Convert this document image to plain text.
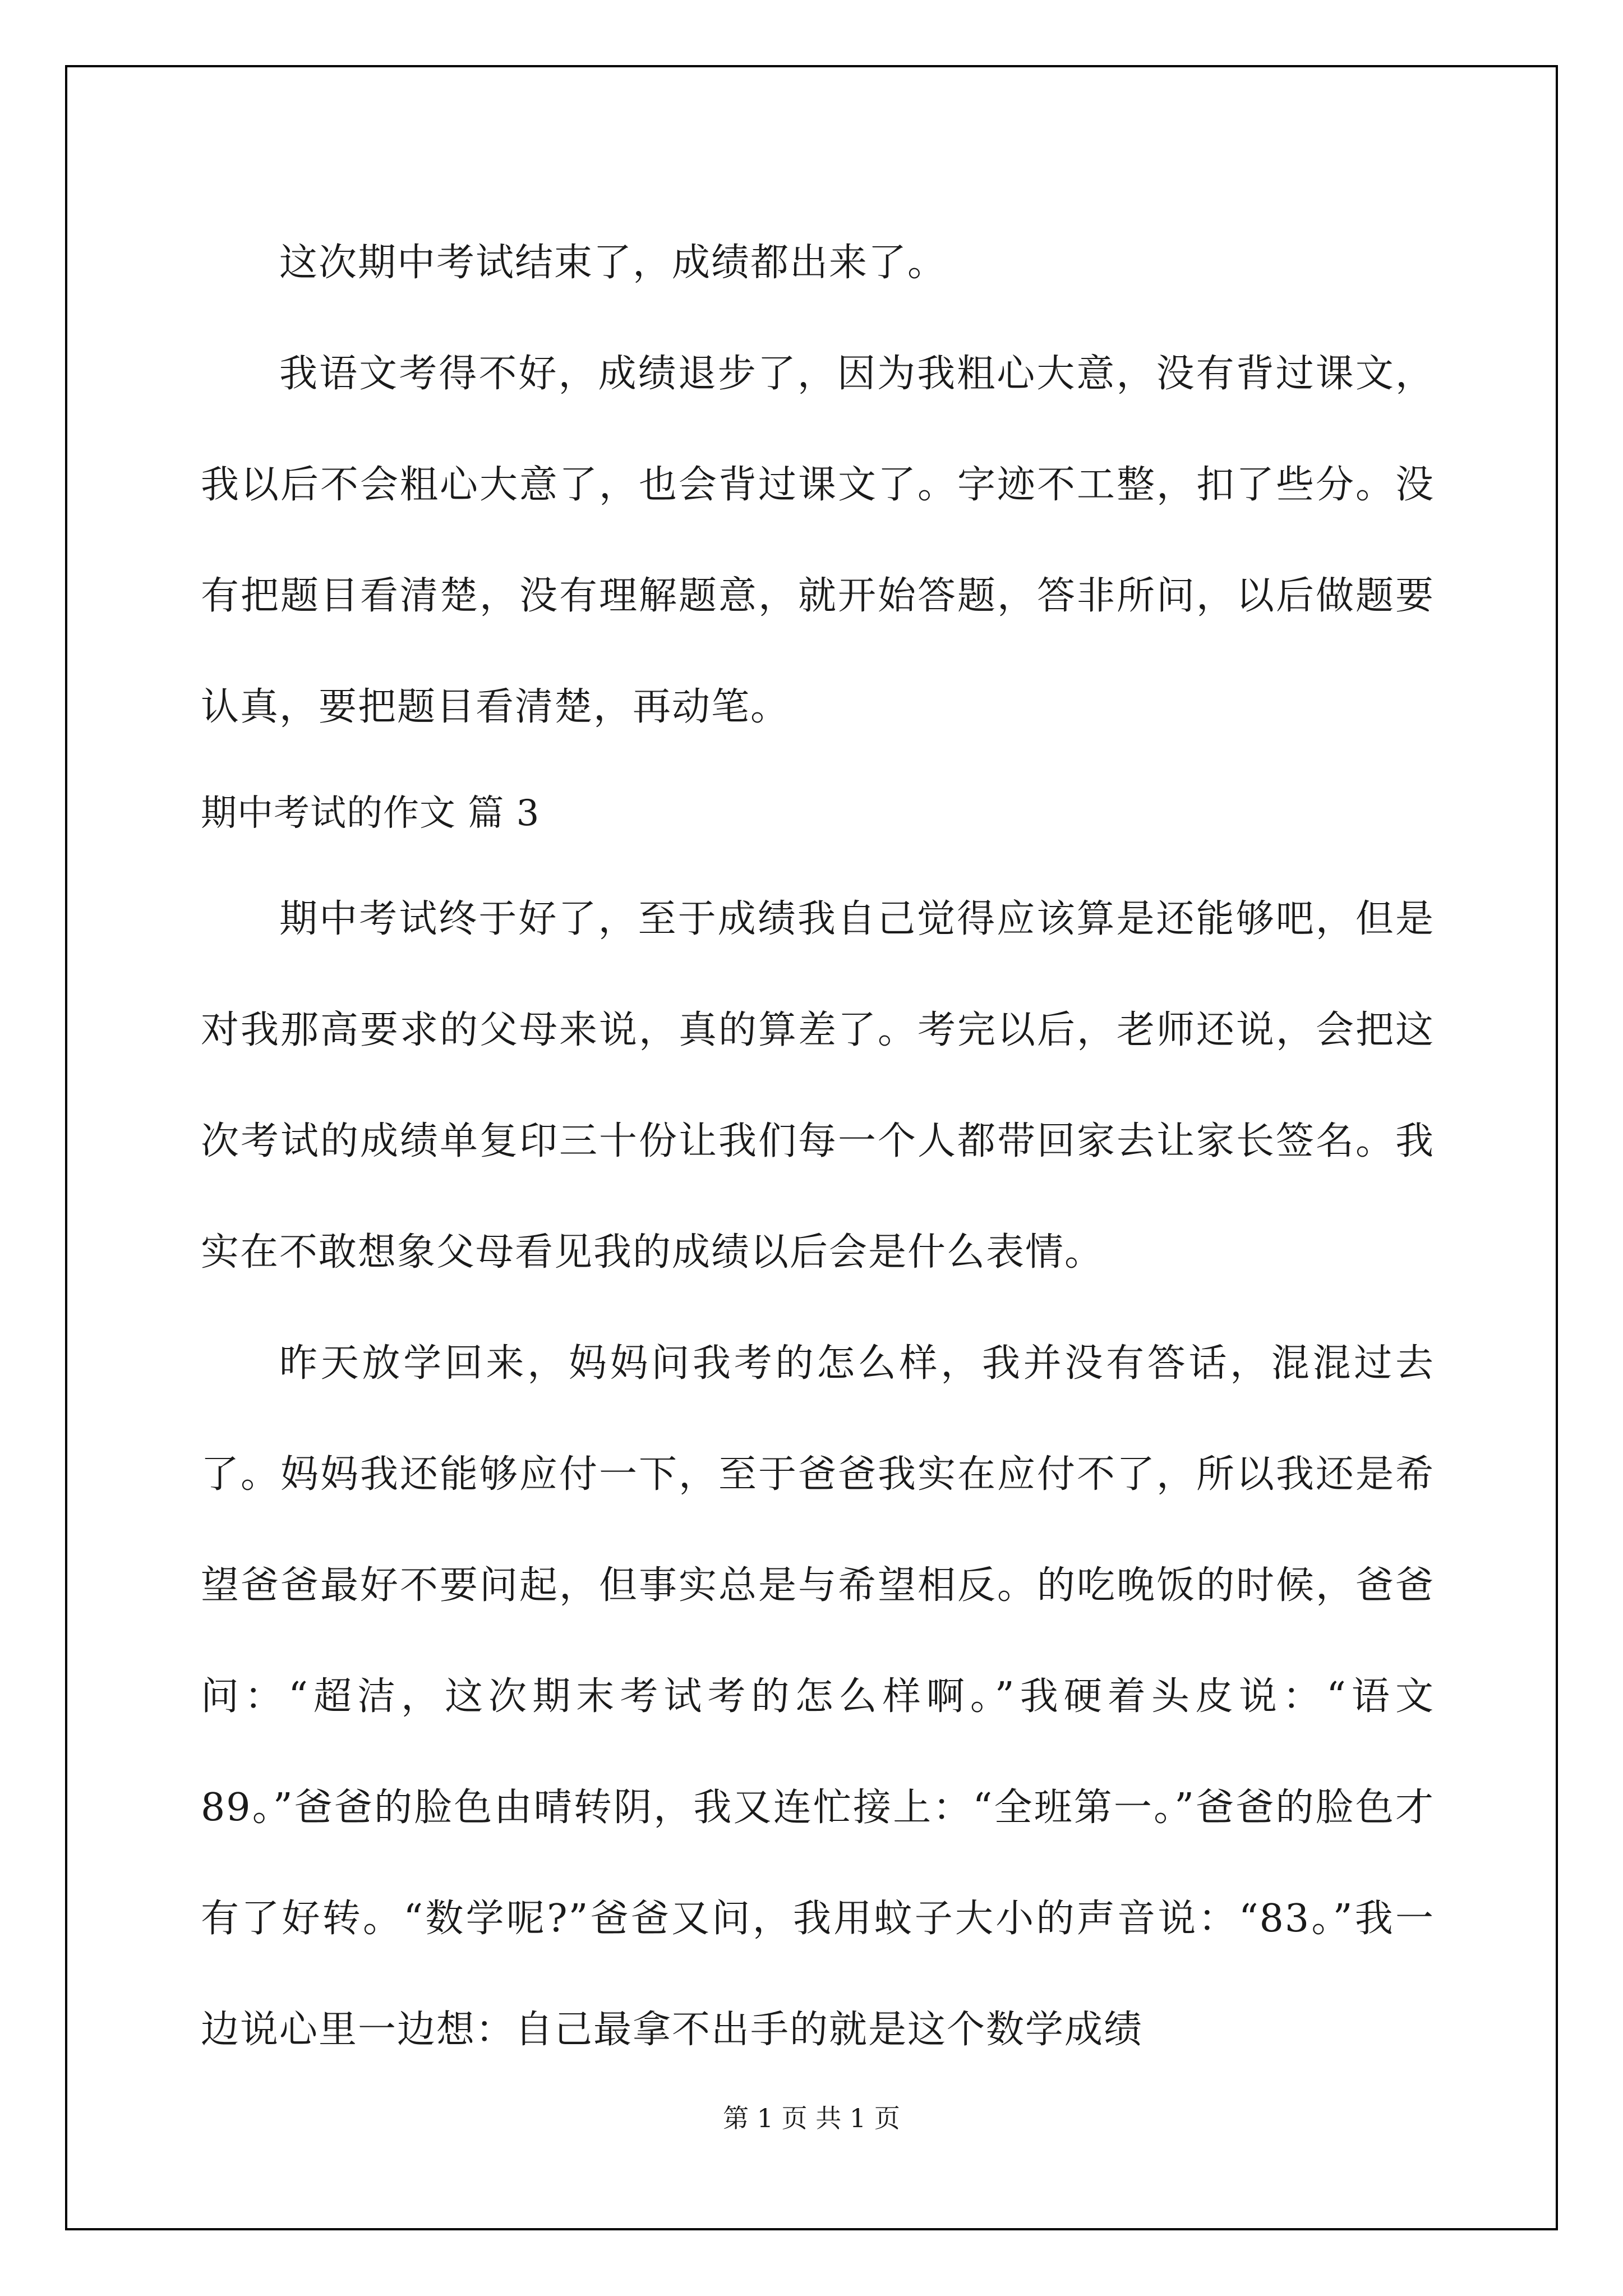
这次期中考试结束了，成绩都出来了。

我语文考得不好，成绩退步了，因为我粗心大意，没有背过课文，我以后不会粗心大意了，也会背过课文了。字迹不工整，扣了些分。没有把题目看清楚，没有理解题意，就开始答题，答非所问，以后做题要认真，要把题目看清楚，再动笔。

期中考试的作文 篇 3

期中考试终于好了，至于成绩我自己觉得应该算是还能够吧，但是对我那高要求的父母来说，真的算差了。考完以后，老师还说，会把这次考试的成绩单复印三十份让我们每一个人都带回家去让家长签名。我实在不敢想象父母看见我的成绩以后会是什么表情。

昨天放学回来，妈妈问我考的怎么样，我并没有答话，混混过去了。妈妈我还能够应付一下，至于爸爸我实在应付不了，所以我还是希望爸爸最好不要问起，但事实总是与希望相反。的吃晚饭的时候，爸爸问：“超洁，这次期末考试考的怎么样啊。”我硬着头皮说：“语文 89。”爸爸的脸色由晴转阴，我又连忙接上：“全班第一。”爸爸的脸色才有了好转。“数学呢?”爸爸又问，我用蚊子大小的声音说：“83。”我一边说心里一边想：自己最拿不出手的就是这个数学成绩

第 1 页 共 1 页
